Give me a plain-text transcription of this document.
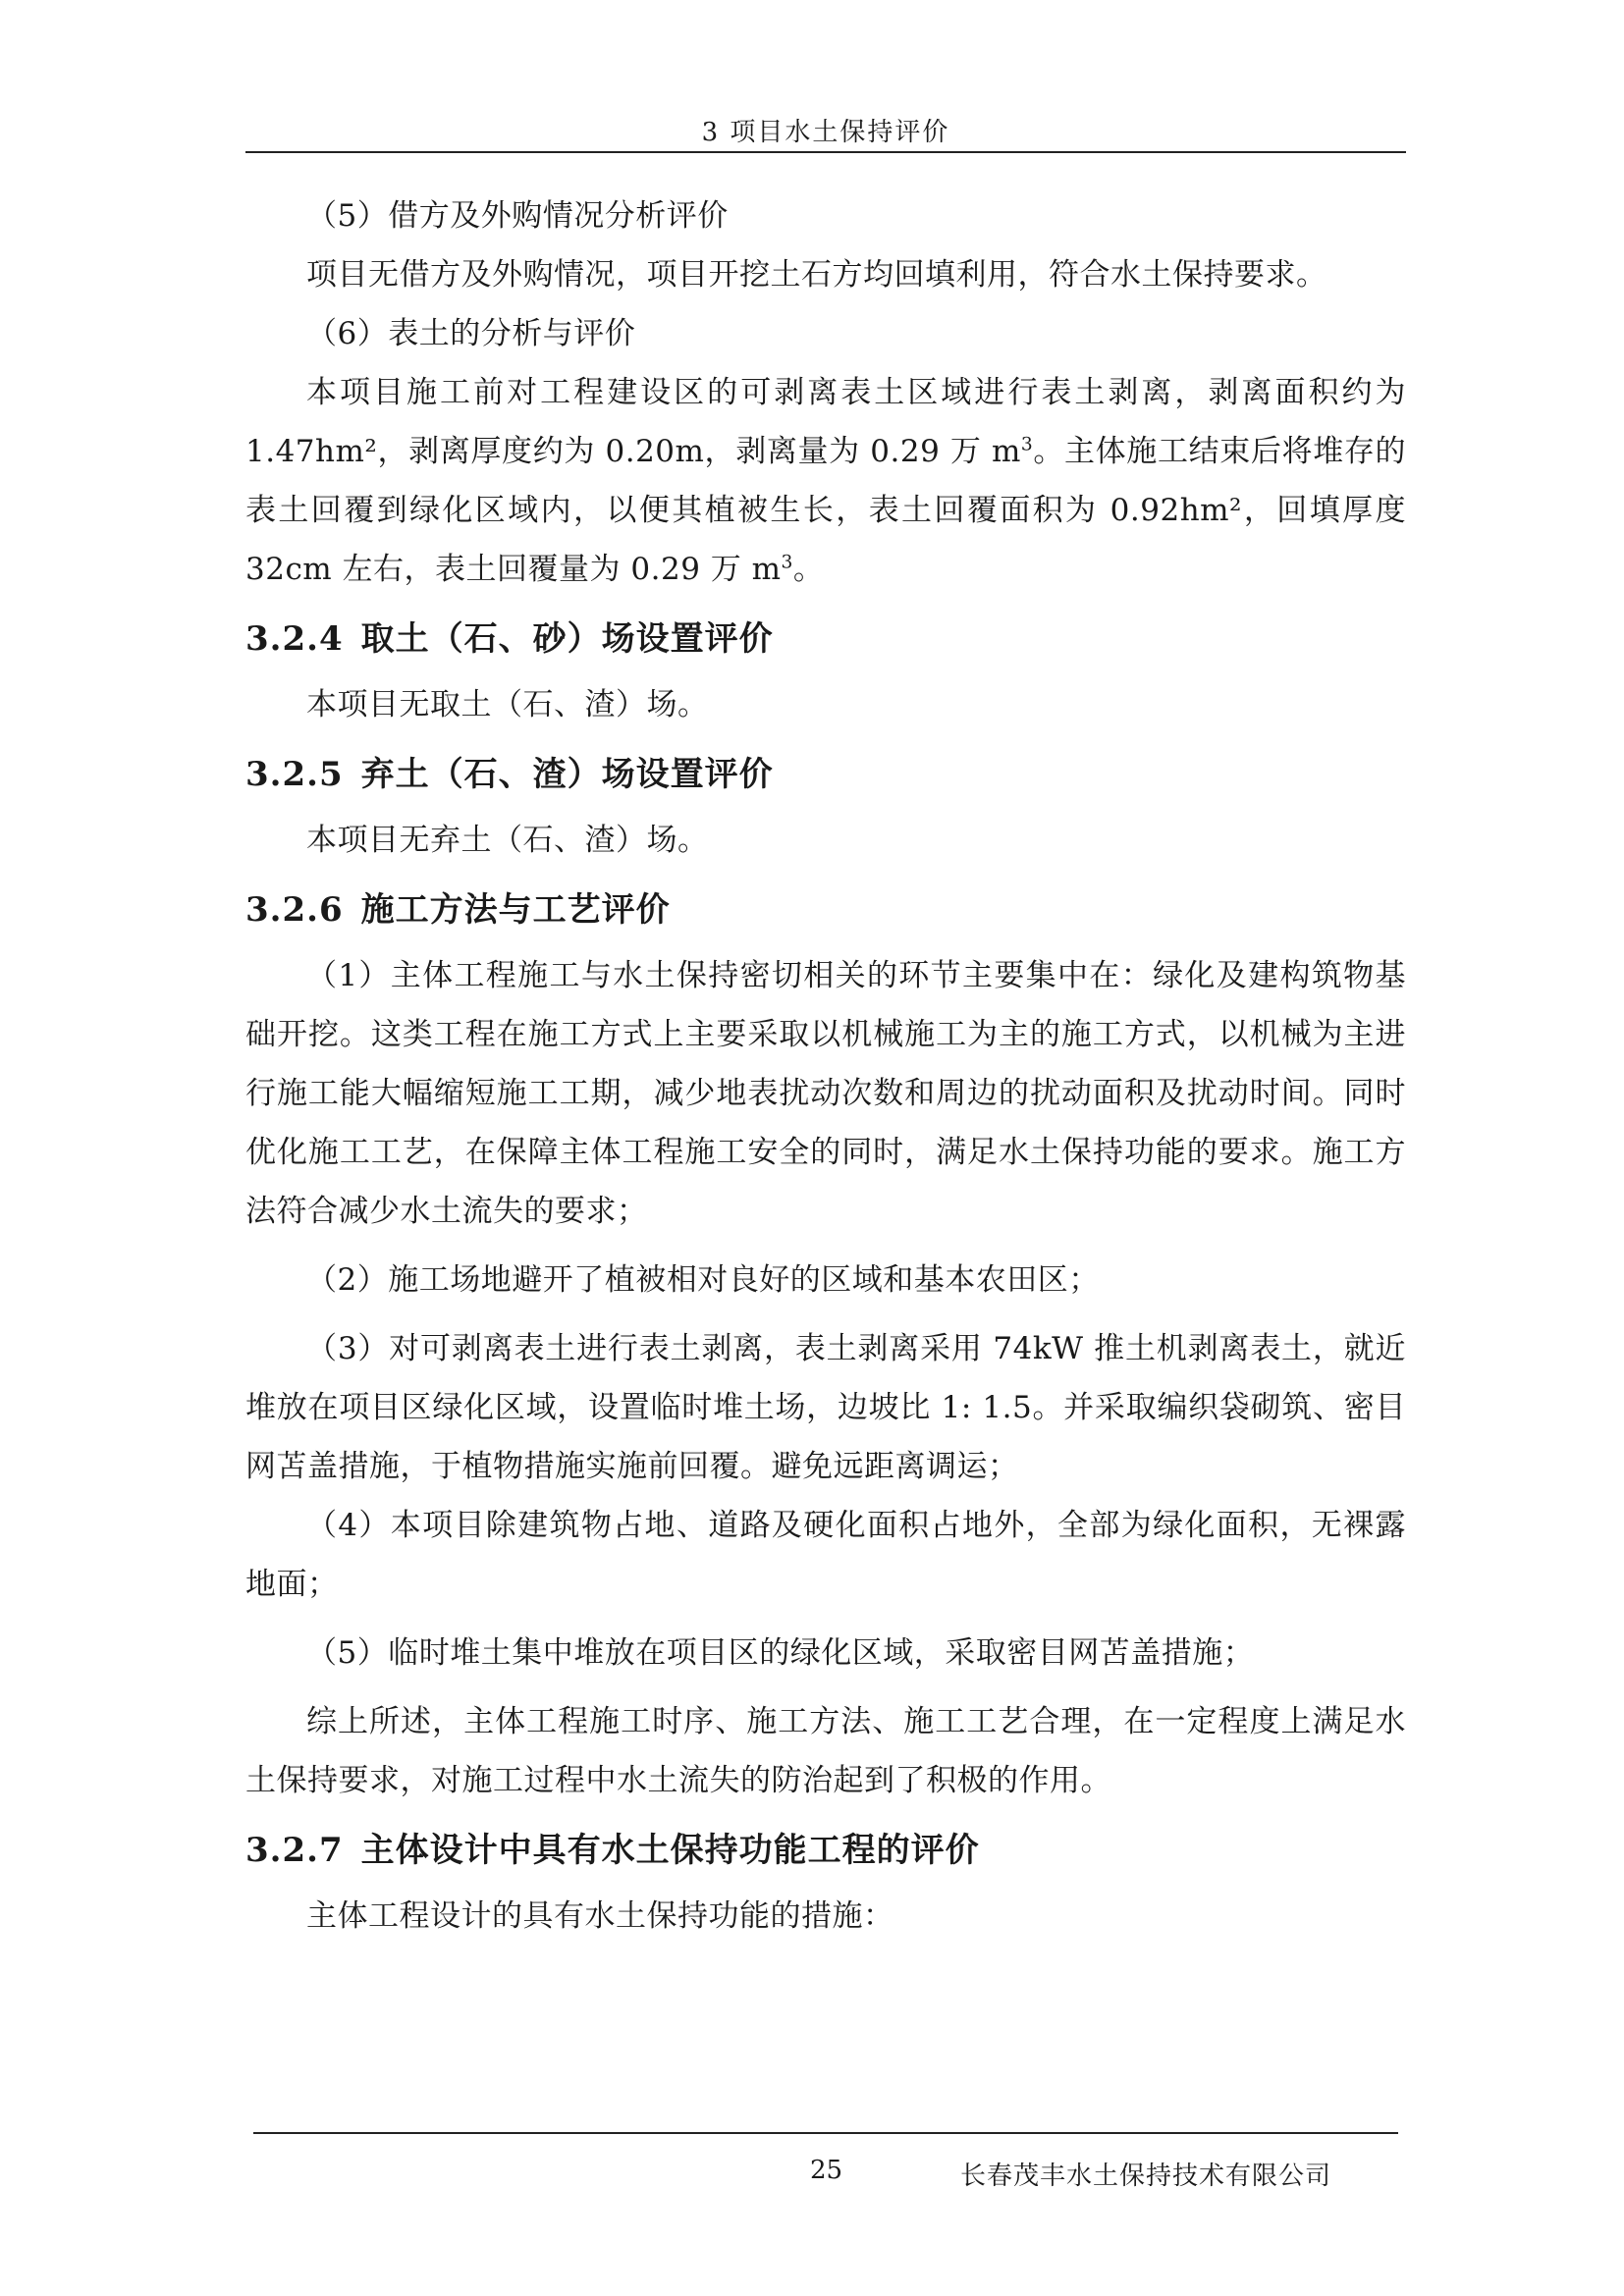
3 项目水土保持评价

（5）借方及外购情况分析评价

项目无借方及外购情况，项目开挖土石方均回填利用，符合水土保持要求。

（6）表土的分析与评价

本项目施工前对工程建设区的可剥离表土区域进行表土剥离，剥离面积约为 1.47hm²，剥离厚度约为 0.20m，剥离量为 0.29 万 $m^3$。主体施工结束后将堆存的表土回覆到绿化区域内，以便其植被生长，表土回覆面积为 0.92hm²，回填厚度 32cm 左右，表土回覆量为 0.29 万 $m^3$。

3.2.4 取土（石、砂）场设置评价

本项目无取土（石、渣）场。

3.2.5 弃土（石、渣）场设置评价

本项目无弃土（石、渣）场。

3.2.6 施工方法与工艺评价

（1）主体工程施工与水土保持密切相关的环节主要集中在：绿化及建构筑物基础开挖。这类工程在施工方式上主要采取以机械施工为主的施工方式，以机械为主进行施工能大幅缩短施工工期，减少地表扰动次数和周边的扰动面积及扰动时间。同时优化施工工艺，在保障主体工程施工安全的同时，满足水土保持功能的要求。施工方法符合减少水土流失的要求；

（2）施工场地避开了植被相对良好的区域和基本农田区；

（3）对可剥离表土进行表土剥离，表土剥离采用 74kW 推土机剥离表土，就近堆放在项目区绿化区域，设置临时堆土场，边坡比 1: 1.5。并采取编织袋砌筑、密目网苫盖措施，于植物措施实施前回覆。避免远距离调运；

（4）本项目除建筑物占地、道路及硬化面积占地外，全部为绿化面积，无裸露地面；

（5）临时堆土集中堆放在项目区的绿化区域，采取密目网苫盖措施；

综上所述，主体工程施工时序、施工方法、施工工艺合理，在一定程度上满足水土保持要求，对施工过程中水土流失的防治起到了积极的作用。

3.2.7 主体设计中具有水土保持功能工程的评价

主体工程设计的具有水土保持功能的措施：

25	长春茂丰水土保持技术有限公司
